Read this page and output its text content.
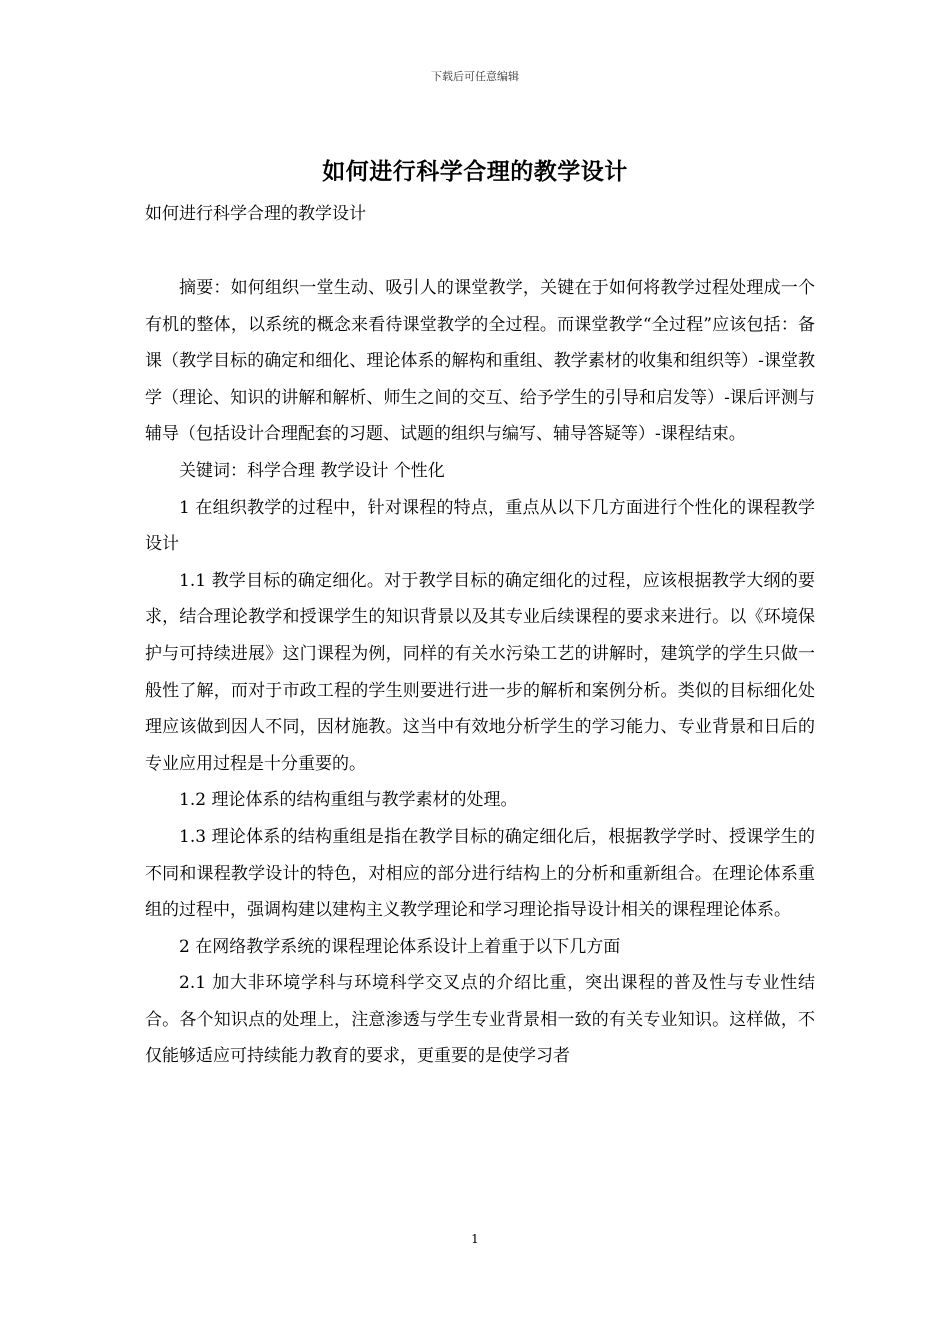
下载后可任意编辑
如何进行科学合理的教学设计
如何进行科学合理的教学设计

摘要：如何组织一堂生动、吸引人的课堂教学，关键在于如何将教学过程处理成一个有机的整体，以系统的概念来看待课堂教学的全过程。而课堂教学“全过程”应该包括：备课（教学目标的确定和细化、理论体系的解构和重组、教学素材的收集和组织等）-课堂教学（理论、知识的讲解和解析、师生之间的交互、给予学生的引导和启发等）-课后评测与辅导（包括设计合理配套的习题、试题的组织与编写、辅导答疑等）-课程结束。

关键词：科学合理 教学设计 个性化

1 在组织教学的过程中，针对课程的特点，重点从以下几方面进行个性化的课程教学设计

1.1 教学目标的确定细化。对于教学目标的确定细化的过程，应该根据教学大纲的要求，结合理论教学和授课学生的知识背景以及其专业后续课程的要求来进行。以《环境保护与可持续进展》这门课程为例，同样的有关水污染工艺的讲解时，建筑学的学生只做一般性了解，而对于市政工程的学生则要进行进一步的解析和案例分析。类似的目标细化处理应该做到因人不同，因材施教。这当中有效地分析学生的学习能力、专业背景和日后的专业应用过程是十分重要的。

1.2 理论体系的结构重组与教学素材的处理。

1.3 理论体系的结构重组是指在教学目标的确定细化后，根据教学学时、授课学生的不同和课程教学设计的特色，对相应的部分进行结构上的分析和重新组合。在理论体系重组的过程中，强调构建以建构主义教学理论和学习理论指导设计相关的课程理论体系。

2 在网络教学系统的课程理论体系设计上着重于以下几方面

2.1 加大非环境学科与环境科学交叉点的介绍比重，突出课程的普及性与专业性结合。各个知识点的处理上，注意渗透与学生专业背景相一致的有关专业知识。这样做，不仅能够适应可持续能力教育的要求，更重要的是使学习者

1
